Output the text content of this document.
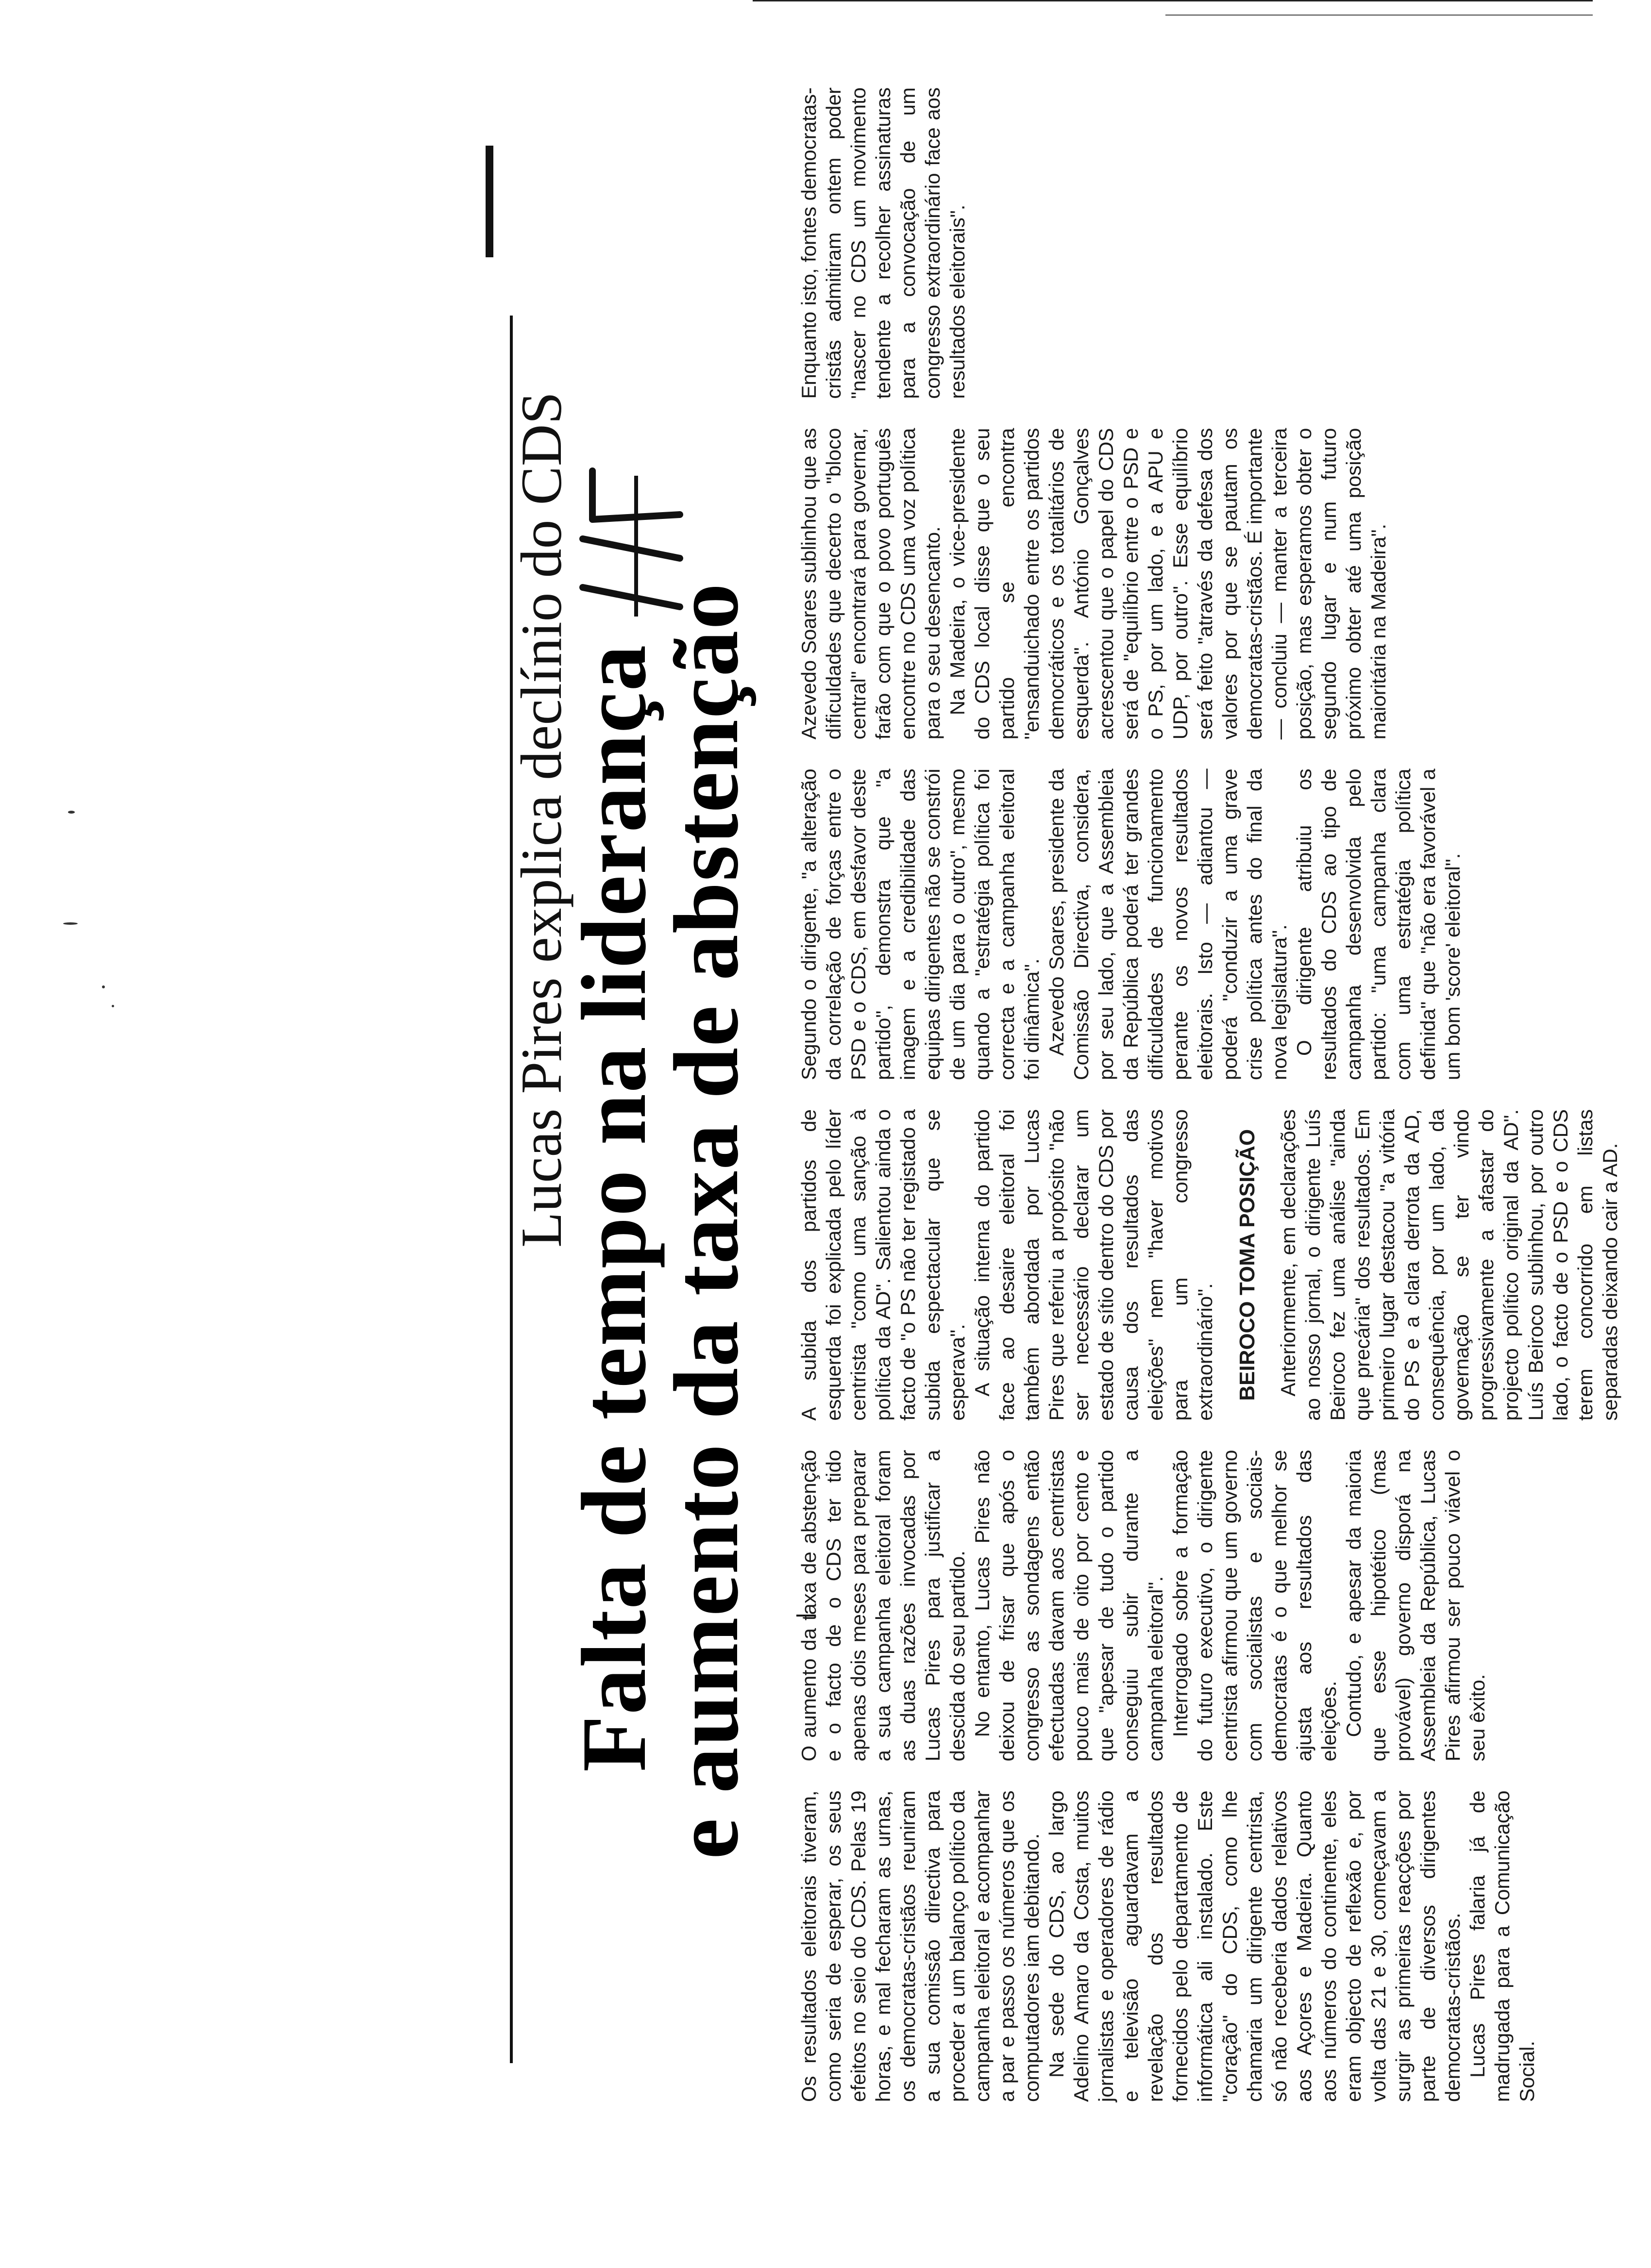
Lucas Pires explica declínio do CDS
Falta de tempo na liderança
e aumento da taxa de abstenção

Os resultados eleitorais tiveram, como seria de esperar, os seus efeitos no seio do CDS. Pelas 19 horas, e mal fecharam as urnas, os democratas-cristãos reuniram a sua comissão directiva para proceder a um balanço político da campanha eleitoral e acompanhar a par e passo os números que os computadores iam debitando. Na sede do CDS, ao largo Adelino Amaro da Costa, muitos jornalistas e operadores de rádio e televisão aguardavam a revelação dos resultados fornecidos pelo departamento de informática ali instalado. Este "coração" do CDS, como lhe chamaria um dirigente centrista, só não receberia dados relativos aos Açores e Madeira. Quanto aos números do continente, eles eram objecto de reflexão e, por volta das 21 e 30, começavam a surgir as primeiras reacções por parte de diversos dirigentes democratas-cristãos. Lucas Pires falaria já de madrugada para a Comunicação Social.

O aumento da taxa de abstenção e o facto de o CDS ter tido apenas dois meses para preparar a sua campanha eleitoral foram as duas razões invocadas por Lucas Pires para justificar a descida do seu partido. No entanto, Lucas Pires não deixou de frisar que após o congresso as sondagens então efectuadas davam aos centristas pouco mais de oito por cento e que "apesar de tudo o partido conseguiu subir durante a campanha eleitoral". Interrogado sobre a formação do futuro executivo, o dirigente centrista afirmou que um governo com socialistas e sociais-democratas é o que melhor se ajusta aos resultados das eleições. Contudo, e apesar da maioria que esse hipotético (mas provável) governo disporá na Assembleia da República, Lucas Pires afirmou ser pouco viável o seu êxito.

A subida dos partidos de esquerda foi explicada pelo líder centrista "como uma sanção à política da AD". Salientou ainda o facto de "o PS não ter registado a subida espectacular que se esperava". A situação interna do partido face ao desaire eleitoral foi também abordada por Lucas Pires que referiu a propósito "não ser necessário declarar um estado de sítio dentro do CDS por causa dos resultados das eleições" nem "haver motivos para um congresso extraordinário". BEIROCO TOMA POSIÇÃO Anteriormente, em declarações ao nosso jornal, o dirigente Luís Beiroco fez uma análise "ainda que precária" dos resultados. Em primeiro lugar destacou "a vitória do PS e a clara derrota da AD, consequência, por um lado, da governação se ter vindo progressivamente a afastar do projecto político original da AD". Luís Beiroco sublinhou, por outro lado, o facto de o PSD e o CDS terem concorrido em listas separadas deixando cair a AD.

Segundo o dirigente, "a alteração da correlação de forças entre o PSD e o CDS, em desfavor deste partido", demonstra que "a imagem e a credibilidade das equipas dirigentes não se constrói de um dia para o outro", mesmo quando a "estratégia política foi correcta e a campanha eleitoral foi dinâmica". Azevedo Soares, presidente da Comissão Directiva, considera, por seu lado, que a Assembleia da República poderá ter grandes dificuldades de funcionamento perante os novos resultados eleitorais. Isto — adiantou — poderá "conduzir a uma grave crise política antes do final da nova legislatura". O dirigente atribuiu os resultados do CDS ao tipo de campanha desenvolvida pelo partido: "uma campanha clara com uma estratégia política definida" que "não era favorável a um bom 'score' eleitoral".

Azevedo Soares sublinhou que as dificuldades que decerto o "bloco central" encontrará para governar, farão com que o povo português encontre no CDS uma voz política para o seu desencanto. Na Madeira, o vice-presidente do CDS local disse que o seu partido se encontra "ensanduichado entre os partidos democráticos e os totalitários de esquerda". António Gonçalves acrescentou que o papel do CDS será de "equilíbrio entre o PSD e o PS, por um lado, e a APU e UDP, por outro". Esse equilíbrio será feito "através da defesa dos valores por que se pautam os democratas-cristãos. É importante — concluiu — manter a terceira posição, mas esperamos obter o segundo lugar e num futuro próximo obter até uma posição maioritária na Madeira".

Enquanto isto, fontes democratas-cristãs admitiram ontem poder "nascer no CDS um movimento tendente a recolher assinaturas para a convocação de um congresso extraordinário face aos resultados eleitorais".
